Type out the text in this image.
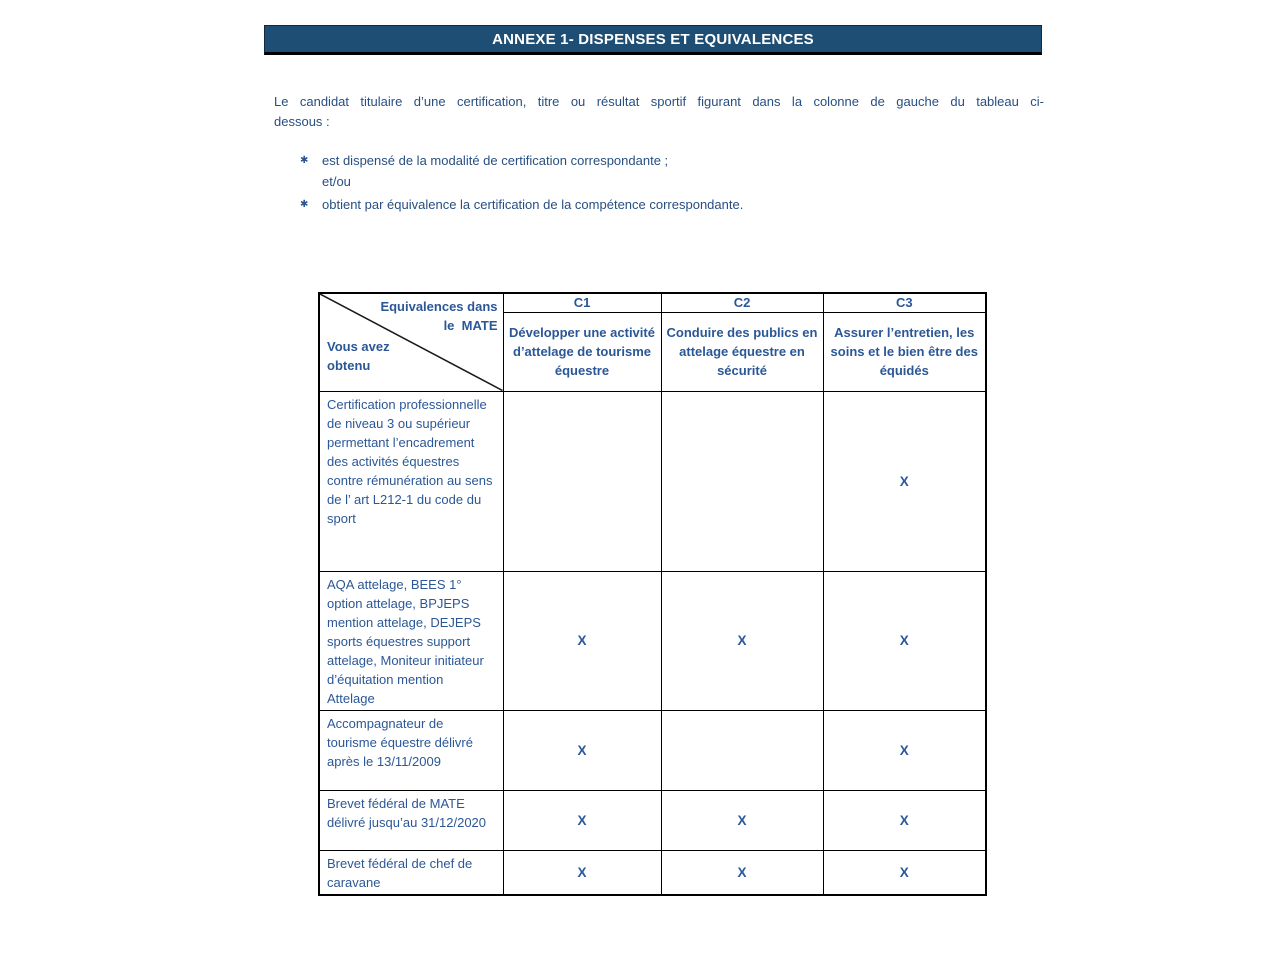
ANNEXE 1- DISPENSES ET EQUIVALENCES
Le candidat titulaire d’une certification, titre ou résultat sportif figurant dans la colonne de gauche du tableau ci-
dessous :
✱	est dispensé de la modalité de certification correspondante ;
et/ou
✱	obtient par équivalence la certification de la compétence correspondante.
Equivalences dans
le  MATE
Vous avez obtenu	C1	C2	C3
	Développer une activité d’attelage de tourisme équestre	Conduire des publics en attelage équestre en sécurité	Assurer l’entretien, les soins et le bien être des équidés
Certification professionnelle de niveau 3 ou supérieur permettant l’encadrement des activités équestres contre rémunération au sens de l’ art L212-1 du code du sport			X
AQA attelage, BEES 1° option attelage, BPJEPS mention attelage, DEJEPS sports équestres support attelage, Moniteur initiateur d’équitation mention Attelage	X	X	X
Accompagnateur de tourisme équestre délivré après le 13/11/2009	X		X
Brevet fédéral de MATE délivré jusqu’au 31/12/2020	X	X	X
Brevet fédéral de chef de caravane	X	X	X
